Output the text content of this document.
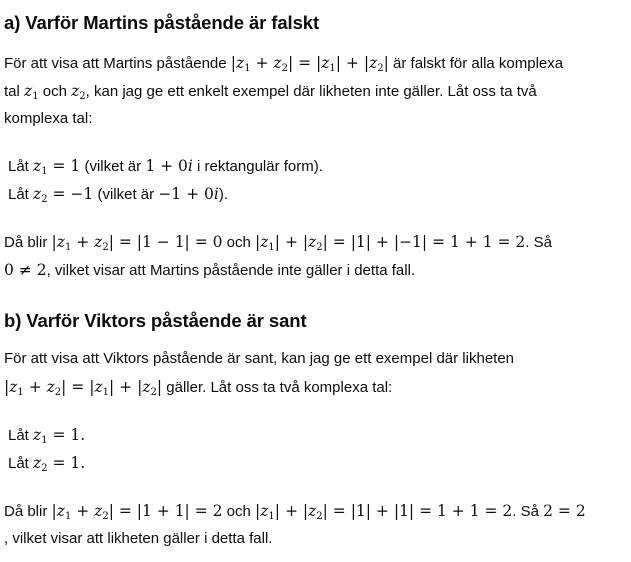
a) Varför Martins påstående är falskt

För att visa att Martins påstående $|z_1 + z_2| = |z_1| + |z_2|$ är falskt för alla komplexa

tal $z_1$ och $z_2$, kan jag ge ett enkelt exempel där likheten inte gäller. Låt oss ta två

komplexa tal:

Låt $z_1 = 1$ (vilket är 1 + 0i i rektangulär form).

Låt $z_2 = -1$ (vilket är −1 + 0i).

Då blir $|z_1 + z_2| = |1 - 1| = 0$ och $|z_1| + |z_2| = |1| + |-1| = 1 + 1 = 2$. Så

0 ≠ 2, vilket visar att Martins påstående inte gäller i detta fall.

b) Varför Viktors påstående är sant

För att visa att Viktors påstående är sant, kan jag ge ett exempel där likheten

$|z_1 + z_2| = |z_1| + |z_2|$ gäller. Låt oss ta två komplexa tal:

Låt $z_1 = 1$.

Låt $z_2 = 1$.

Då blir $|z_1 + z_2| = |1 + 1| = 2$ och $|z_1| + |z_2| = |1| + |1| = 1 + 1 = 2$. Så 2 = 2

, vilket visar att likheten gäller i detta fall.
